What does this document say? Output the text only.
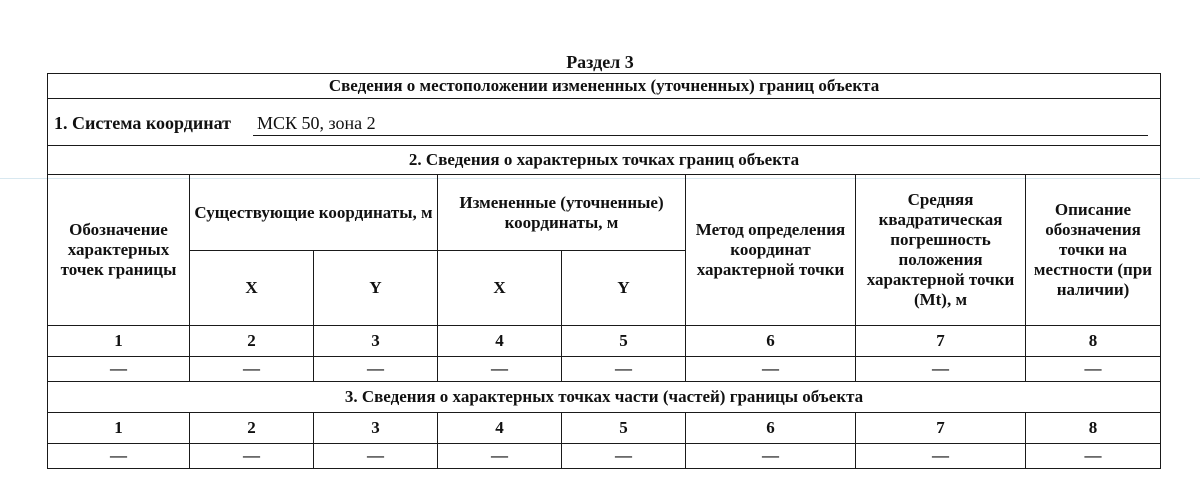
Раздел 3
Сведения о местоположении измененных (уточненных) границ объекта							

1. Система координат МСК 50, зона 2							

2. Сведения о характерных точках границ объекта							
Обозначение характерных точек границы	Существующие координаты, м		Измененные (уточненные) координаты, м		Метод определения координат характерной точки	Средняя квадратическая погрешность положения характерной точки (Mt), м	Описание обозначения точки на местности (при наличии)
	X	Y	X	Y			
1	2	3	4	5	6	7	8
—	—	—	—	—	—	—	—
3. Сведения о характерных точках части (частей) границы объекта							
1	2	3	4	5	6	7	8
—	—	—	—	—	—	—	—
